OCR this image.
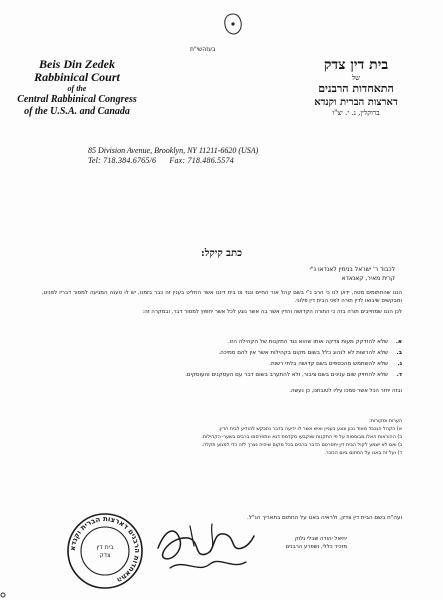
בעזהשי"ת
Beis Din Zedek
Rabbinical Court
of the
Central Rabbinical Congress
of the U.S.A. and Canada
בית דין צדק
של
התאחדות הרבנים
דארצות הברית וקנדא
ברוקלין, נ. י. יצ"ו
85 Division Avenue, Brooklyn, NY 11211-6620 (USA)
Tel: 718.384.6765/6 Fax: 718.486.5574
כתב קיקל:
לכבוד ר' ישראל בנימין לאנדאו נ"י
קרית מאיר, קאנאדא

הננו שהחתומים מטה, ידוע לנו כי הרב נ"י בשם קהל אור החיים ונגד צו בית דיננו אשר החליט בענין זה כבר בזמנו, יש לו טענה המגיעה למסור דבריו לפנינו, ומבקשים שיבואו לדין תורה לפני הבית דין פלוני.

לכן הננו שמחייבים תורה בזה כי התורה הקדושה והדין אשר בה אשר נוגע לכל אשר יחפוץ למסור דבר, ובמקרה זה:

א.
שלא להזדקק מעות צדקה אותו שהוא נגד התקנות של הקהילה הזו.
ב.
שלא להרשות לא לנהוג כלל בשום מקום בקהילות אשר אין להם סמיכה.
ג.
שלא להשתמש מהכספים בשם קדושה בלתי רשות.
ד.
שלא להחזיק שום ענינים בשם ציבור, ולא להתערב בשום דבר עם העסקנים והעוסקים.
ובזה יחזר הכל אשר סמכו עליו לטובתנו, כן נעשה.
הערות ומקורות:
א) הקהל הנכבד מאוד נכון ונוגע בעניין ואיש אשר לו ידיעה בדבר נתבקש להודיע לבית הדין.
ב) ההוראות האלו מבוססות על פי התקנות שנקבעו מקדמת דנא ונתפרסמו ברבים בשערי הקהילות.
ג) ואם לא ישמע לקול הבית דין יתפרסם הדבר ברבים בכל מקום שיהיה נצרך לזה כדי למנוע תקלה.
ד) ועל זה באנו על החתום ביום הנזכר.
ועה"ח בשם הבית דין צדק, ולראיה באנו על החתום בתאריך הנ"ל.
יחיאל יהודה שבלי גלוק
מזכיר כללי, ושפרע הרבנים
התאחדות הרבנים דארצות הברית וקנדא
בית דין
צדק
